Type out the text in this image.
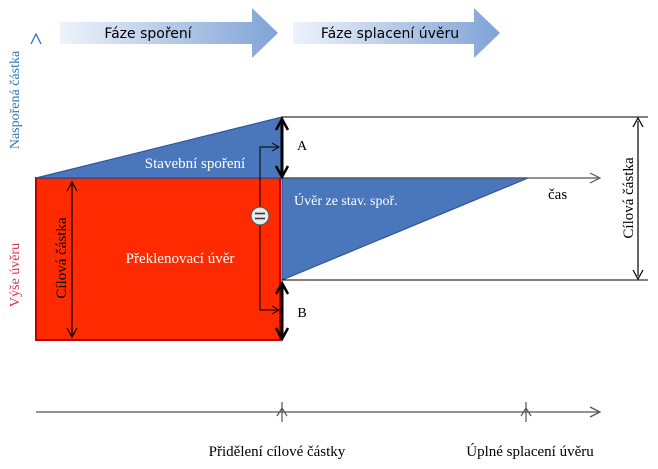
Fáze spoření	Fáze splacení úvěru
Cílová částka
Cílová částka
A
B
Stavební spoření
Překlenovací úvěr
Úvěr ze stav. spoř.	čas
Naspořená částka
Výše úvěru
Přidělení cílové částky	Úplné splacení úvěru
